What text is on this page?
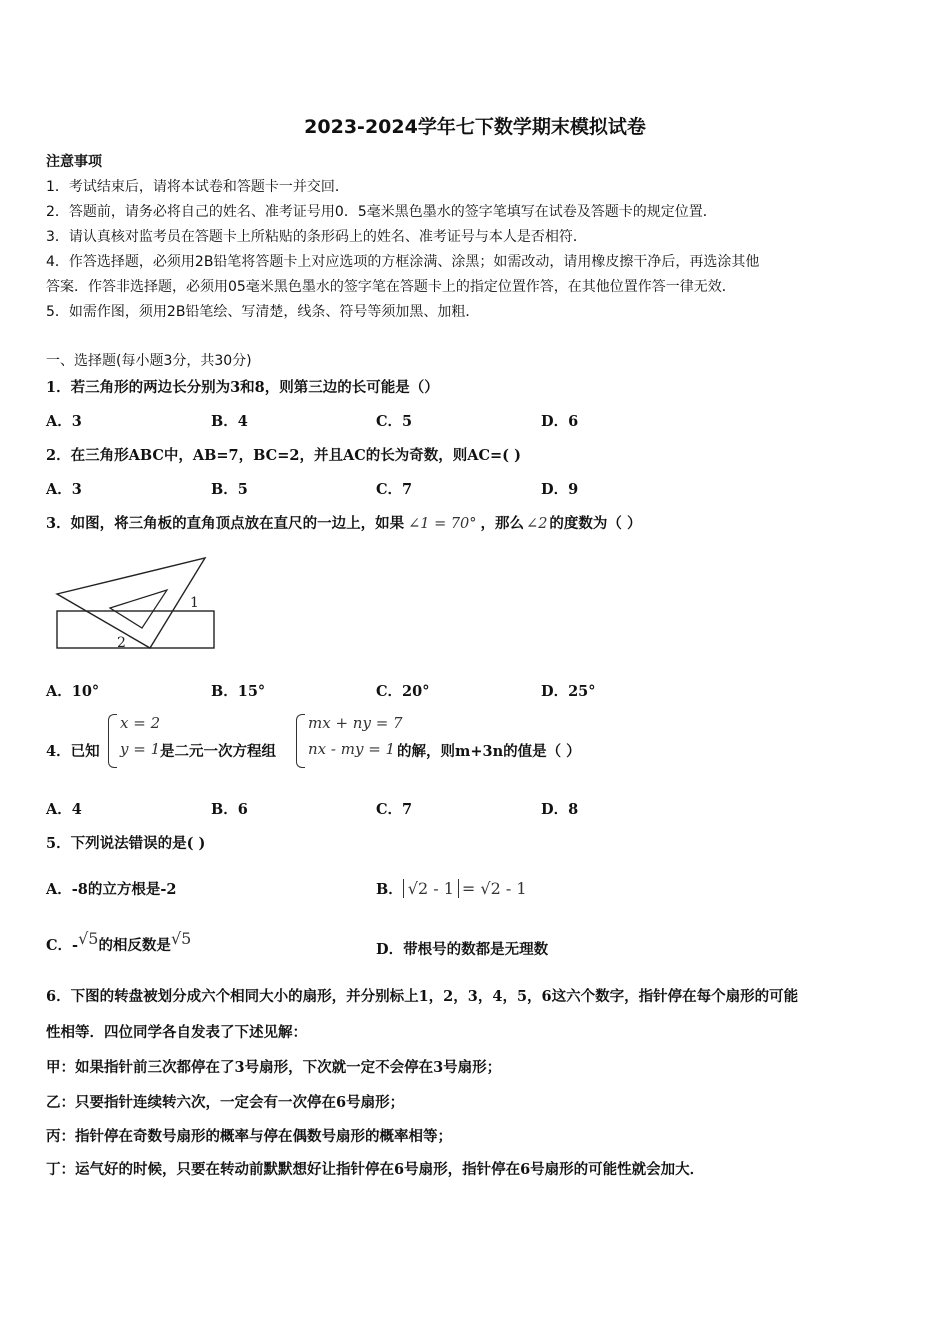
2023-2024学年七下数学期末模拟试卷
注意事项
1．考试结束后，请将本试卷和答题卡一并交回．
2．答题前，请务必将自己的姓名、准考证号用0．5毫米黑色墨水的签字笔填写在试卷及答题卡的规定位置．
3．请认真核对监考员在答题卡上所粘贴的条形码上的姓名、准考证号与本人是否相符．
4．作答选择题，必须用2B铅笔将答题卡上对应选项的方框涂满、涂黑；如需改动，请用橡皮擦干净后，再选涂其他
答案．作答非选择题，必须用05毫米黑色墨水的签字笔在答题卡上的指定位置作答，在其他位置作答一律无效．
5．如需作图，须用2B铅笔绘、写清楚，线条、符号等须加黑、加粗．
一、选择题(每小题3分，共30分)
1．若三角形的两边长分别为3和8，则第三边的长可能是（）
A．3	B．4	C．5	D．6
2．在三角形ABC中，AB=7，BC=2，并且AC的长为奇数，则AC=( )
A．3	B．5	C．7	D．9
3．如图，将三角板的直角顶点放在直尺的一边上，如果 ∠1 = 70° ，那么 ∠2 的度数为（ ）
1
2
A．10°	B．15°	C．20°	D．25°
4．已知
x = 2
y = 1 是二元一次方程组
mx + ny = 7
nx - my = 1 的解，则m+3n的值是（ ）
A．4	B．6	C．7	D．8
5．下列说法错误的是( )
A．-8的立方根是-2	B． √2 - 1 = √2 - 1
C．-√5的相反数是√5
D．带根号的数都是无理数
6．下图的转盘被划分成六个相同大小的扇形，并分别标上1，2，3，4，5，6这六个数字，指针停在每个扇形的可能
性相等．四位同学各自发表了下述见解：
甲：如果指针前三次都停在了3号扇形，下次就一定不会停在3号扇形；
乙：只要指针连续转六次，一定会有一次停在6号扇形；
丙：指针停在奇数号扇形的概率与停在偶数号扇形的概率相等；
丁：运气好的时候，只要在转动前默默想好让指针停在6号扇形，指针停在6号扇形的可能性就会加大．
